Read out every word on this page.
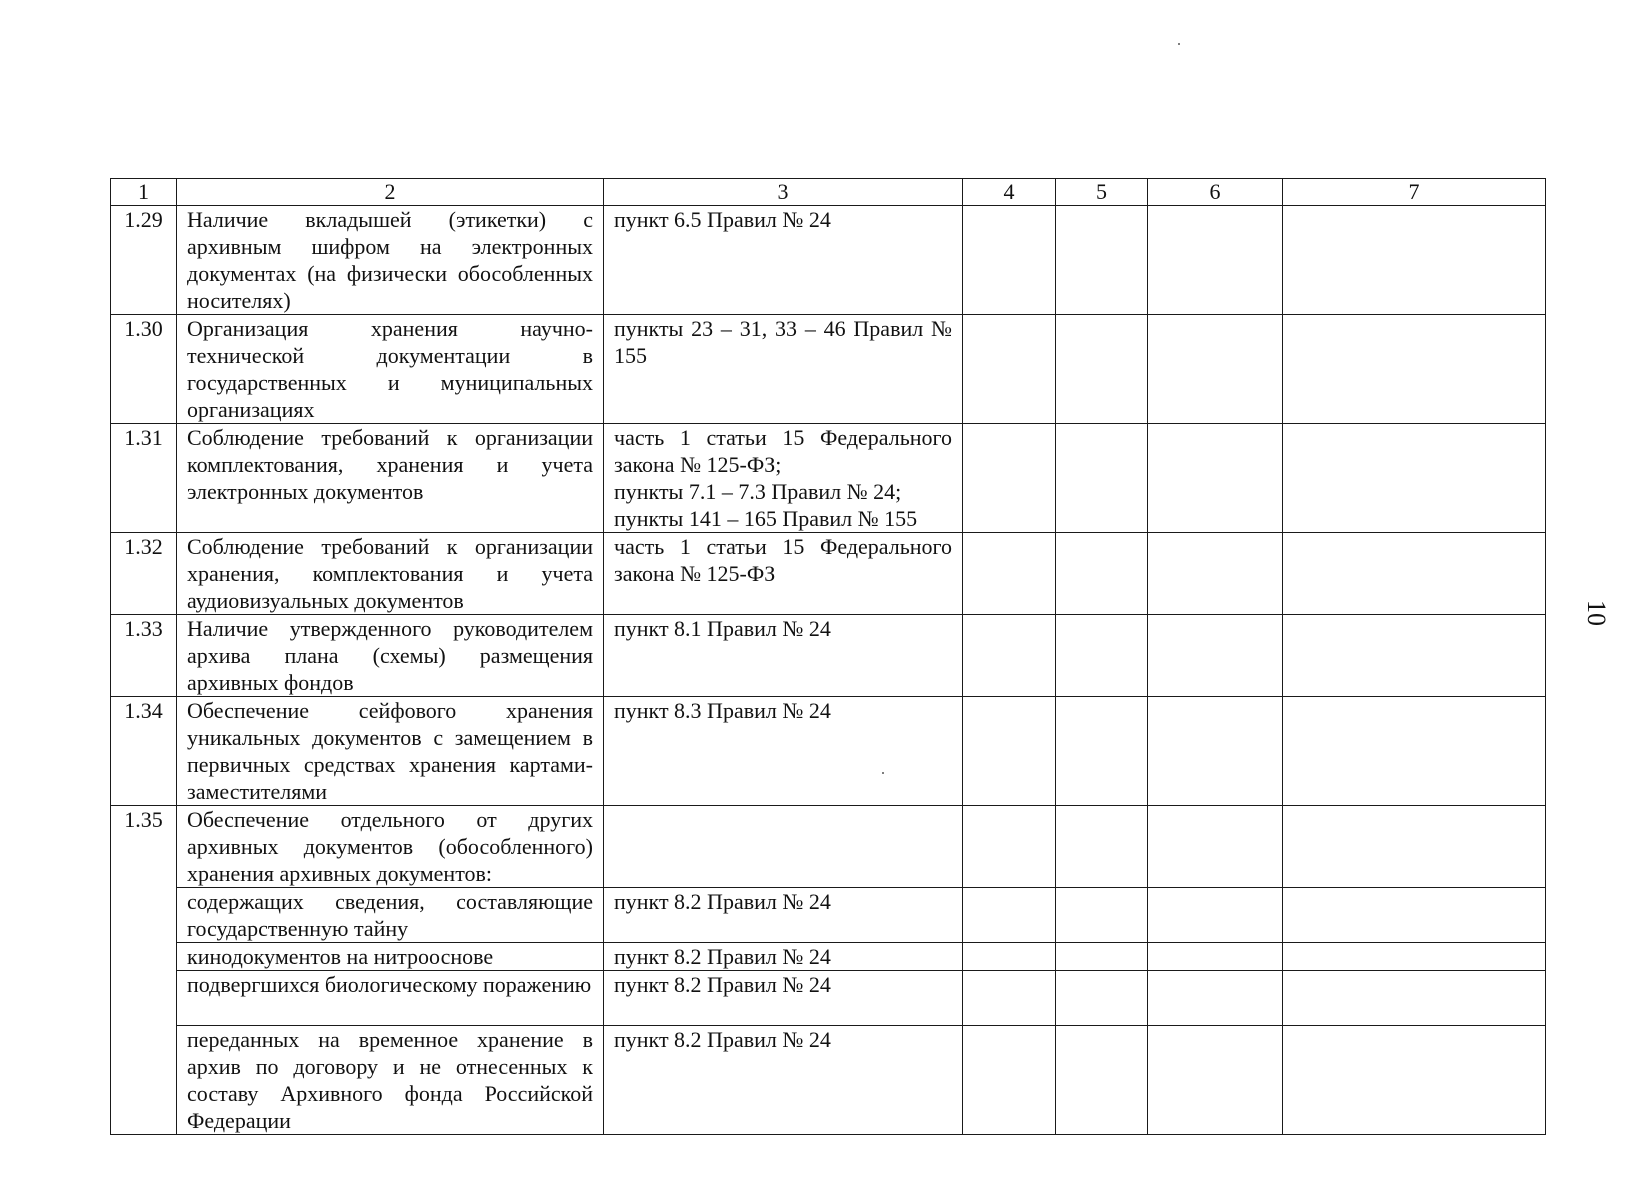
1	2	3	4	5	6	7
1.29	Наличие вкладышей (этикетки) с архивным шифром на электронных документах (на физически обособленных носителях)	пункт 6.5 Правил № 24				

1.30	Организация хранения научно-технической документации в государственных и муниципальных организациях	пункты 23 – 31, 33 – 46 Правил № 155				

1.31	Соблюдение требований к организации комплектования, хранения и учета электронных документов	часть 1 статьи 15 Федерального закона № 125-ФЗ;
пункты 7.1 – 7.3 Правил № 24;
пункты 141 – 165 Правил № 155				

1.32	Соблюдение требований к организации хранения, комплектования и учета аудиовизуальных документов	часть 1 статьи 15 Федерального закона № 125-ФЗ				

1.33	Наличие утвержденного руководителем архива плана (схемы) размещения архивных фондов	пункт 8.1 Правил № 24				

1.34	Обеспечение сейфового хранения уникальных документов с замещением в первичных средствах хранения картами-заместителями	пункт 8.3 Правил № 24				

1.35	Обеспечение отдельного от других архивных документов (обособленного) хранения архивных документов:					
	содержащих сведения, составляющие государственную тайну	пункт 8.2 Правил № 24				
	кинодокументов на нитрооснове	пункт 8.2 Правил № 24				
	подвергшихся биологическому поражению	пункт 8.2 Правил № 24				
	переданных на временное хранение в архив по договору и не отнесенных к составу Архивного фонда Российской Федерации	пункт 8.2 Правил № 24				
10
